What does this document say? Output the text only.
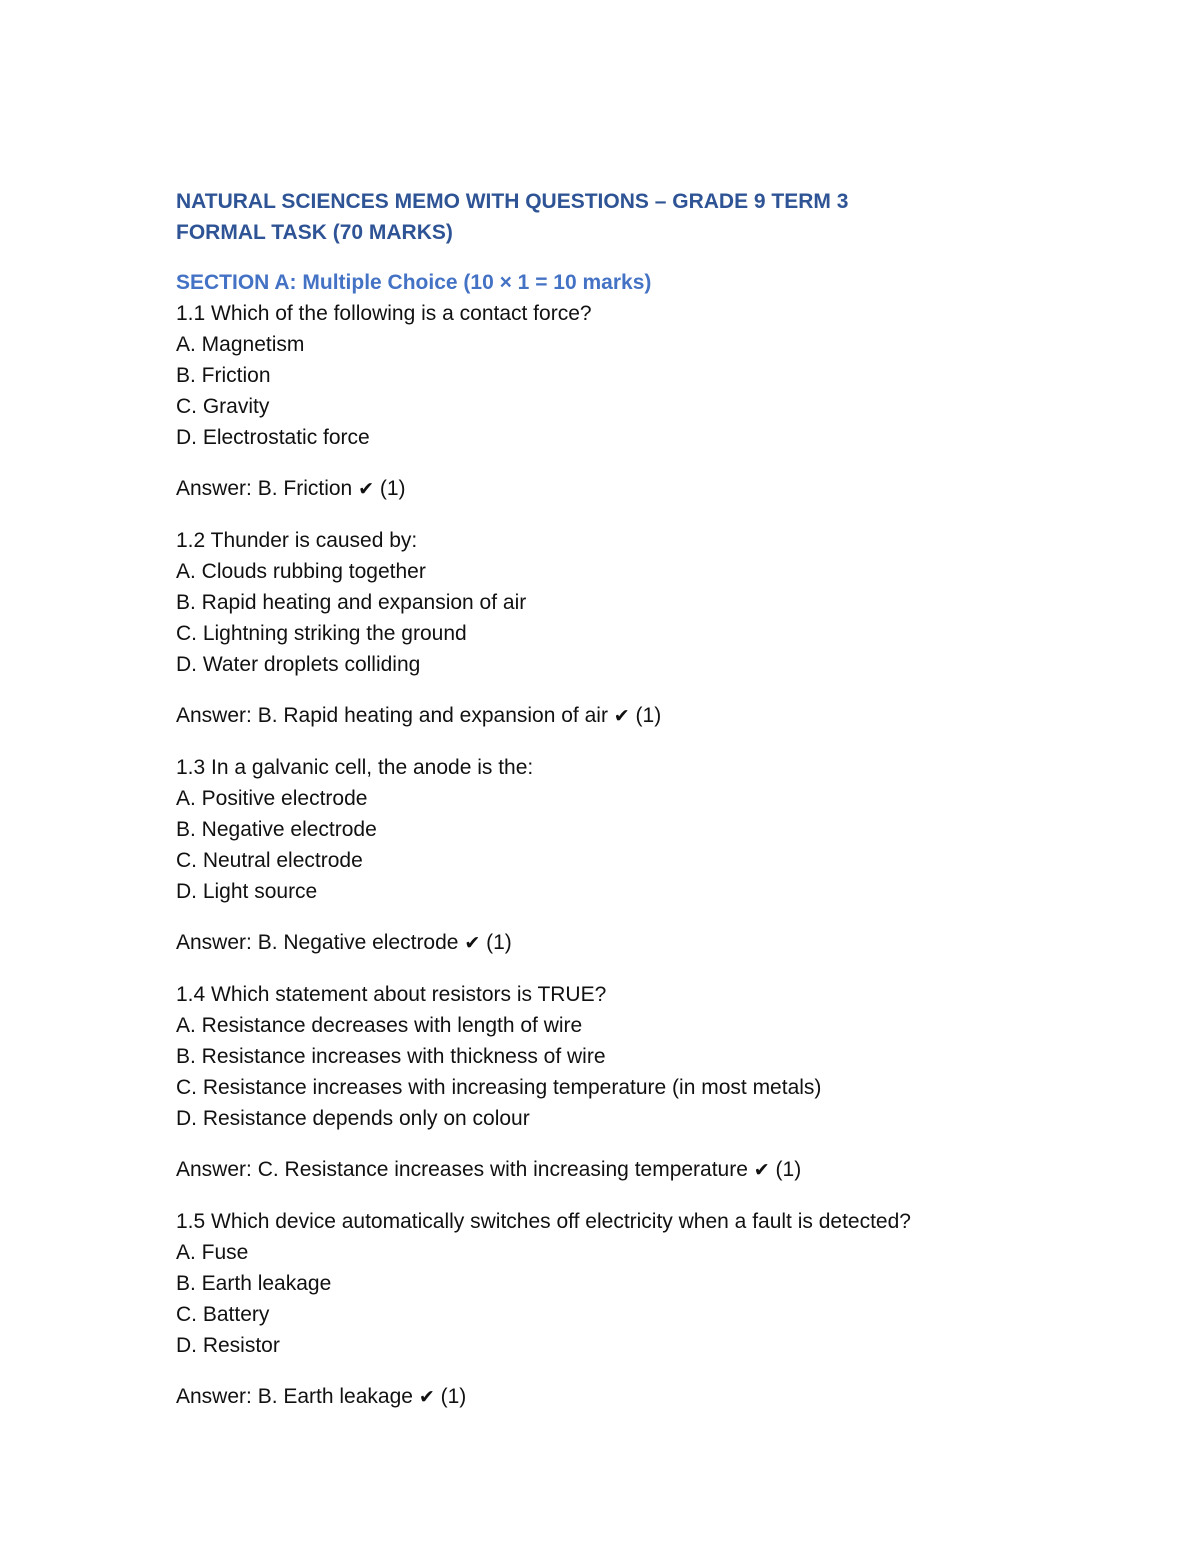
NATURAL SCIENCES MEMO WITH QUESTIONS – GRADE 9 TERM 3
FORMAL TASK (70 MARKS)
SECTION A: Multiple Choice (10 × 1 = 10 marks)
1.1 Which of the following is a contact force?
A. Magnetism
B. Friction
C. Gravity
D. Electrostatic force
Answer: B. Friction ✔ (1)
1.2 Thunder is caused by:
A. Clouds rubbing together
B. Rapid heating and expansion of air
C. Lightning striking the ground
D. Water droplets colliding
Answer: B. Rapid heating and expansion of air ✔ (1)
1.3 In a galvanic cell, the anode is the:
A. Positive electrode
B. Negative electrode
C. Neutral electrode
D. Light source
Answer: B. Negative electrode ✔ (1)
1.4 Which statement about resistors is TRUE?
A. Resistance decreases with length of wire
B. Resistance increases with thickness of wire
C. Resistance increases with increasing temperature (in most metals)
D. Resistance depends only on colour
Answer: C. Resistance increases with increasing temperature ✔ (1)
1.5 Which device automatically switches off electricity when a fault is detected?
A. Fuse
B. Earth leakage
C. Battery
D. Resistor
Answer: B. Earth leakage ✔ (1)
